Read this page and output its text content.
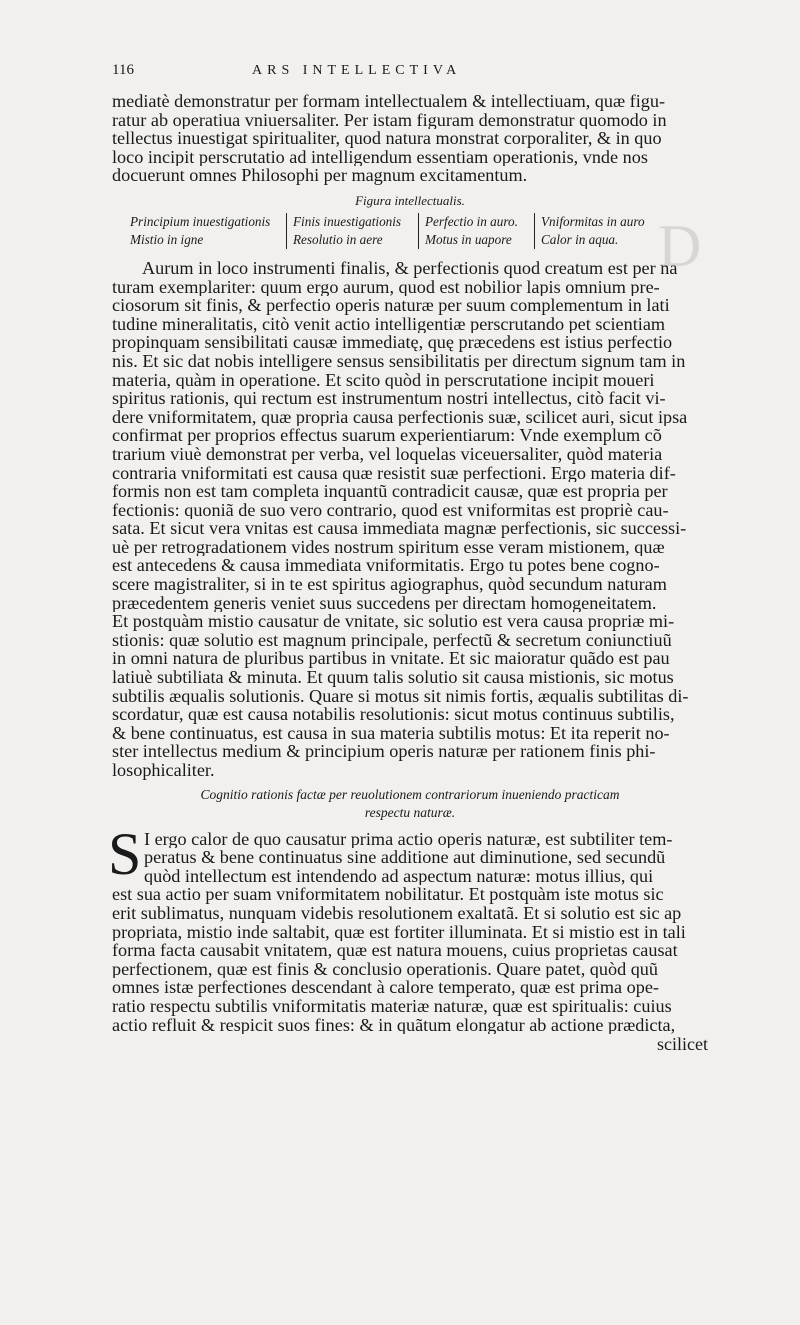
D
116	ARS INTELLECTIVA

mediatè demonstratur per formam intellectualem & intellectiuam, quæ figu-
ratur ab operatiua vniuersaliter. Per istam figuram demonstratur quomodo in
tellectus inuestigat spiritualiter, quod natura monstrat corporaliter, & in quo
loco incipit perscrutatio ad intelligendum essentiam operationis, vnde nos
docuerunt omnes Philosophi per magnum excitamentum.

Figura intellectualis.
Principium inuestigationis	Finis inuestigationis	Perfectio in auro.	Vniformitas in auro
Mistio in igne	Resolutio in aere	Motus in uapore	Calor in aqua.

Aurum in loco instrumenti finalis, & perfectionis quod creatum est per na
turam exemplariter: quum ergo aurum, quod est nobilior lapis omnium pre-
ciosorum sit finis, & perfectio operis naturæ per suum complementum in lati
tudine mineralitatis, citò venit actio intelligentiæ perscrutando pet scientiam
propinquam sensibilitati causæ immediatę, quę præcedens est istius perfectio
nis. Et sic dat nobis intelligere sensus sensibilitatis per directum signum tam in
materia, quàm in operatione. Et scito quòd in perscrutatione incipit moueri
spiritus rationis, qui rectum est instrumentum nostri intellectus, citò facit vi-
dere vniformitatem, quæ propria causa perfectionis suæ, scilicet auri, sicut ipsa
confirmat per proprios effectus suarum experientiarum: Vnde exemplum cõ
trarium viuè demonstrat per verba, vel loquelas viceuersaliter, quòd materia
contraria vniformitati est causa quæ resistit suæ perfectioni. Ergo materia dif-
formis non est tam completa inquantũ contradicit causæ, quæ est propria per
fectionis: quoniã de suo vero contrario, quod est vniformitas est propriè cau-
sata. Et sicut vera vnitas est causa immediata magnæ perfectionis, sic successi-
uè per retrogradationem vides nostrum spiritum esse veram mistionem, quæ
est antecedens & causa immediata vniformitatis. Ergo tu potes bene cogno-
scere magistraliter, si in te est spiritus agiographus, quòd secundum naturam
præcedentem generis veniet suus succedens per directam homogeneitatem.
Et postquàm mistio causatur de vnitate, sic solutio est vera causa propriæ mi-
stionis: quæ solutio est magnum principale, perfectũ & secretum coniunctiuũ
in omni natura de pluribus partibus in vnitate. Et sic maioratur quãdo est pau
latiuè subtiliata & minuta. Et quum talis solutio sit causa mistionis, sic motus
subtilis æqualis solutionis. Quare si motus sit nimis fortis, æqualis subtilitas di-
scordatur, quæ est causa notabilis resolutionis: sicut motus continuus subtilis,
& bene continuatus, est causa in sua materia subtilis motus: Et ita reperit no-
ster intellectus medium & principium operis naturæ per rationem finis phi-
losophicaliter.

Cognitio rationis factæ per reuolutionem contrariorum inueniendo practicam
respectu naturæ.
S I ergo calor de quo causatur prima actio operis naturæ, est subtiliter tem-
peratus & bene continuatus sine additione aut diminutione, sed secundũ
quòd intellectum est intendendo ad aspectum naturæ: motus illius, qui
est sua actio per suam vniformitatem nobilitatur. Et postquàm iste motus sic
erit sublimatus, nunquam videbis resolutionem exaltatã. Et si solutio est sic ap
propriata, mistio inde saltabit, quæ est fortiter illuminata. Et si mistio est in tali
forma facta causabit vnitatem, quæ est natura mouens, cuius proprietas causat
perfectionem, quæ est finis & conclusio operationis. Quare patet, quòd quũ
omnes istæ perfectiones descendant à calore temperato, quæ est prima ope-
ratio respectu subtilis vniformitatis materiæ naturæ, quæ est spiritualis: cuius
actio refluit & respicit suos fines: & in quãtum elongatur ab actione prædicta,
scilicet
